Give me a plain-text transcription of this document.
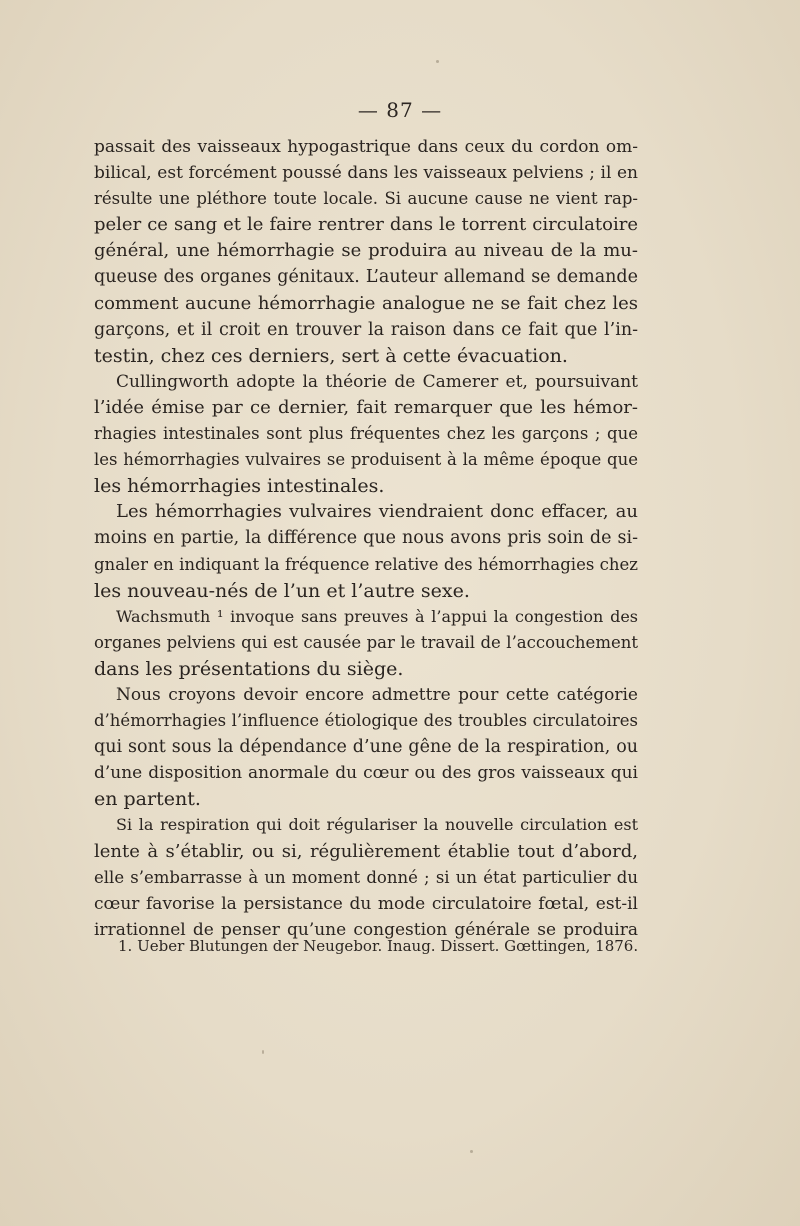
— 87 —
passait des vaisseaux hypogastrique dans ceux du cordon om-
bilical, est forcément poussé dans les vaisseaux pelviens ; il en
résulte une pléthore toute locale. Si aucune cause ne vient rap-
peler ce sang et le faire rentrer dans le torrent circulatoire
général, une hémorrhagie se produira au niveau de la mu-
queuse des organes génitaux. L’auteur allemand se demande
comment aucune hémorrhagie analogue ne se fait chez les
garçons, et il croit en trouver la raison dans ce fait que l’in-
testin, chez ces derniers, sert à cette évacuation.
Cullingworth adopte la théorie de Camerer et, poursuivant
l’idée émise par ce dernier, fait remarquer que les hémor-
rhagies intestinales sont plus fréquentes chez les garçons ; que
les hémorrhagies vulvaires se produisent à la même époque que
les hémorrhagies intestinales.
Les hémorrhagies vulvaires viendraient donc effacer, au
moins en partie, la différence que nous avons pris soin de si-
gnaler en indiquant la fréquence relative des hémorrhagies chez
les nouveau-nés de l’un et l’autre sexe.
Wachsmuth ¹ invoque sans preuves à l’appui la congestion des
organes pelviens qui est causée par le travail de l’accouchement
dans les présentations du siège.
Nous croyons devoir encore admettre pour cette catégorie
d’hémorrhagies l’influence étiologique des troubles circulatoires
qui sont sous la dépendance d’une gêne de la respiration, ou
d’une disposition anormale du cœur ou des gros vaisseaux qui
en partent.
Si la respiration qui doit régulariser la nouvelle circulation est
lente à s’établir, ou si, régulièrement établie tout d’abord,
elle s’embarrasse à un moment donné ; si un état particulier du
cœur favorise la persistance du mode circulatoire fœtal, est-il
irrationnel de penser qu’une congestion générale se produira
1. Ueber Blutungen der Neugebor. Inaug. Dissert. Gœttingen, 1876.
